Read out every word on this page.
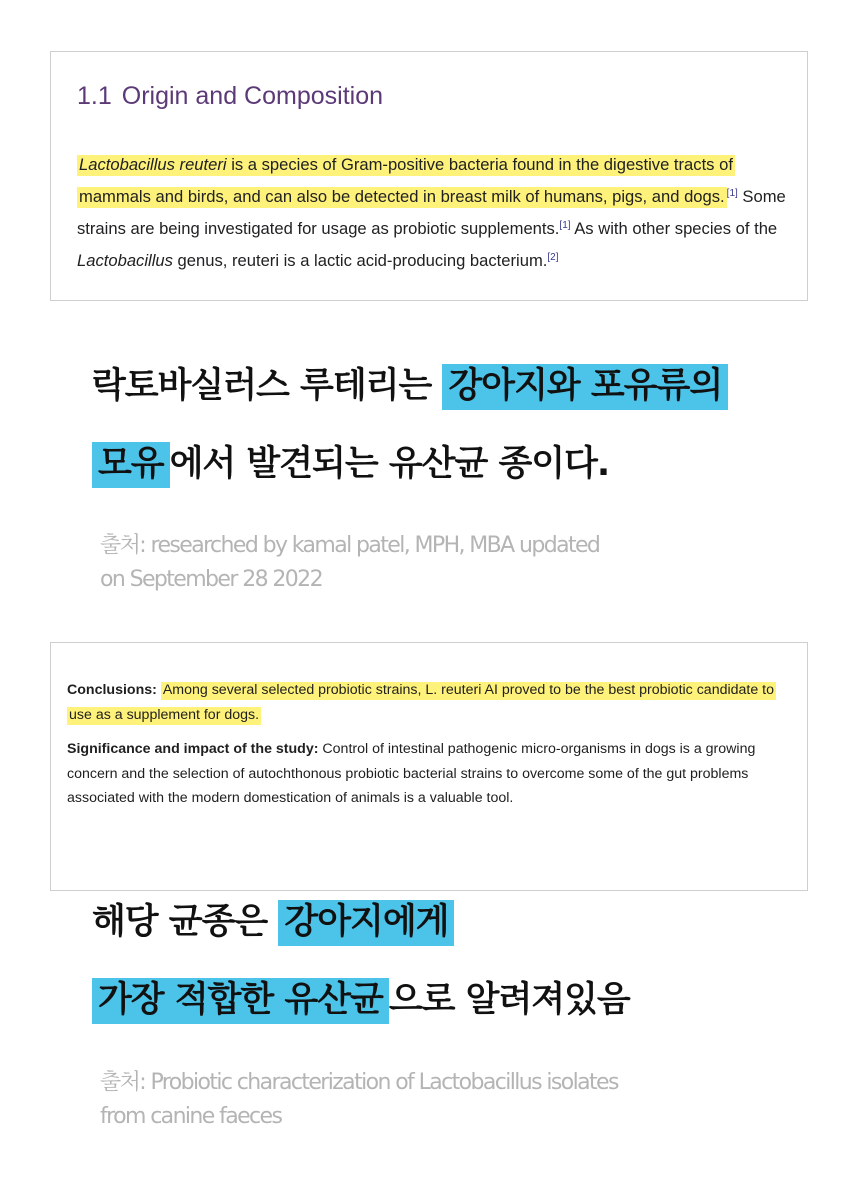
1.1 Origin and Composition

Lactobacillus reuteri is a species of Gram-positive bacteria found in the digestive tracts of mammals and birds, and can also be detected in breast milk of humans, pigs, and dogs. [1] Some strains are being investigated for usage as probiotic supplements.[1] As with other species of the Lactobacillus genus, reuteri is a lactic acid-producing bacterium.[2]

락토바실러스 루테리는 강아지와 포유류의
모유 에서 발견되는 유산균 종이다.
출처: researched by kamal patel, MPH, MBA updated
on September 28 2022

Conclusions: Among several selected probiotic strains, L. reuteri AI proved to be the best probiotic candidate to use as a supplement for dogs.

Significance and impact of the study: Control of intestinal pathogenic micro-organisms in dogs is a growing concern and the selection of autochthonous probiotic bacterial strains to overcome some of the gut problems associated with the modern domestication of animals is a valuable tool.

해당 균종은 강아지에게
가장 적합한 유산균 으로 알려져있음
출처: Probiotic characterization of Lactobacillus isolates
from canine faeces
